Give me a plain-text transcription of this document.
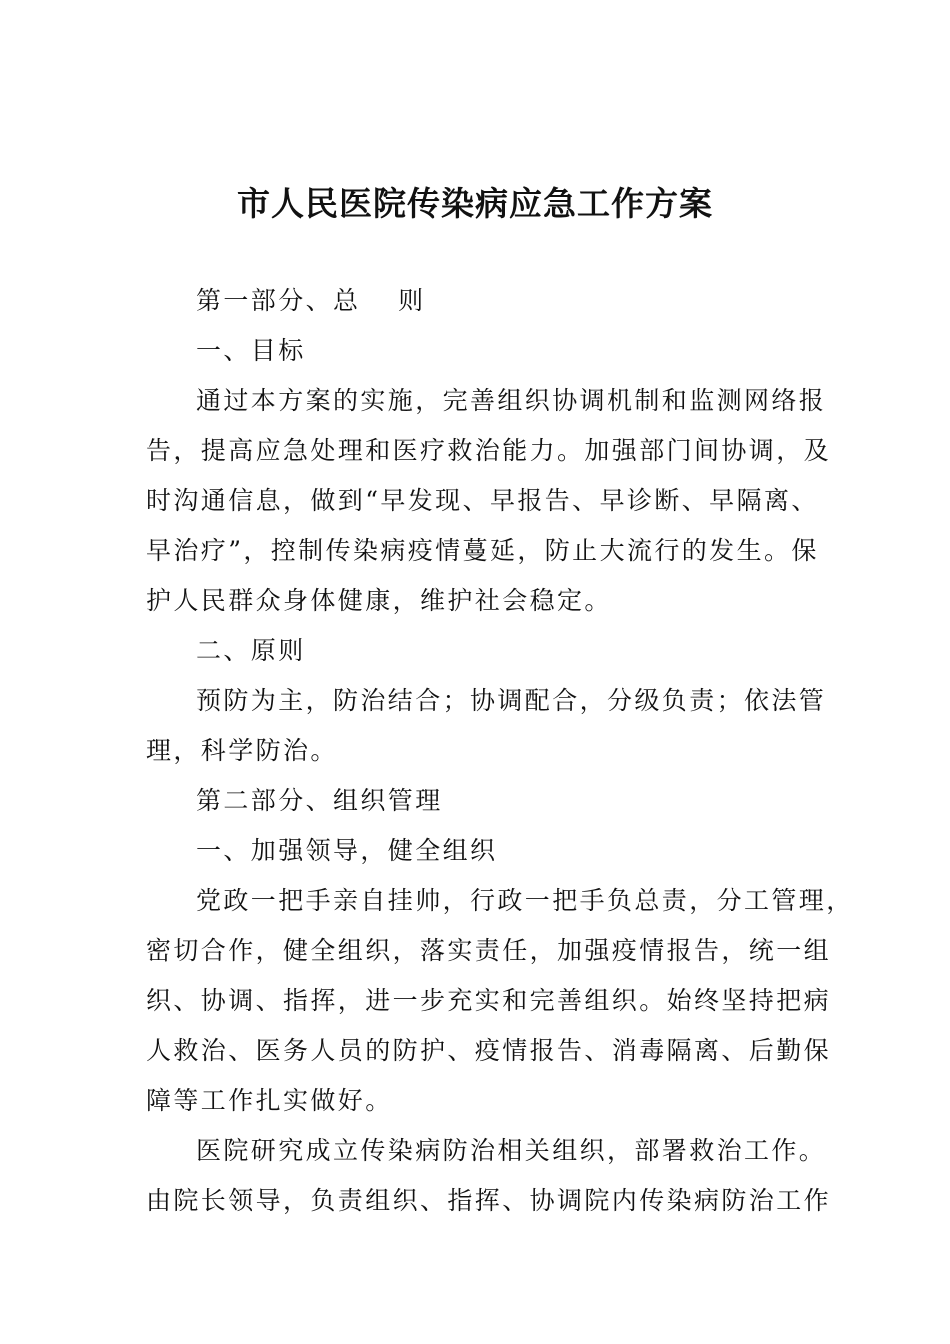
市人民医院传染病应急工作方案
第一部分、总　 则
一、目标
通过本方案的实施，完善组织协调机制和监测网络报
告，提高应急处理和医疗救治能力。加强部门间协调，及
时沟通信息，做到“早发现、早报告、早诊断、早隔离、
早治疗”，控制传染病疫情蔓延，防止大流行的发生。保
护人民群众身体健康，维护社会稳定。
二、原则
预防为主，防治结合；协调配合，分级负责；依法管
理，科学防治。
第二部分、组织管理
一、加强领导，健全组织
党政一把手亲自挂帅，行政一把手负总责，分工管理，
密切合作，健全组织，落实责任，加强疫情报告，统一组
织、协调、指挥，进一步充实和完善组织。始终坚持把病
人救治、医务人员的防护、疫情报告、消毒隔离、后勤保
障等工作扎实做好。
医院研究成立传染病防治相关组织，部署救治工作。
由院长领导，负责组织、指挥、协调院内传染病防治工作
